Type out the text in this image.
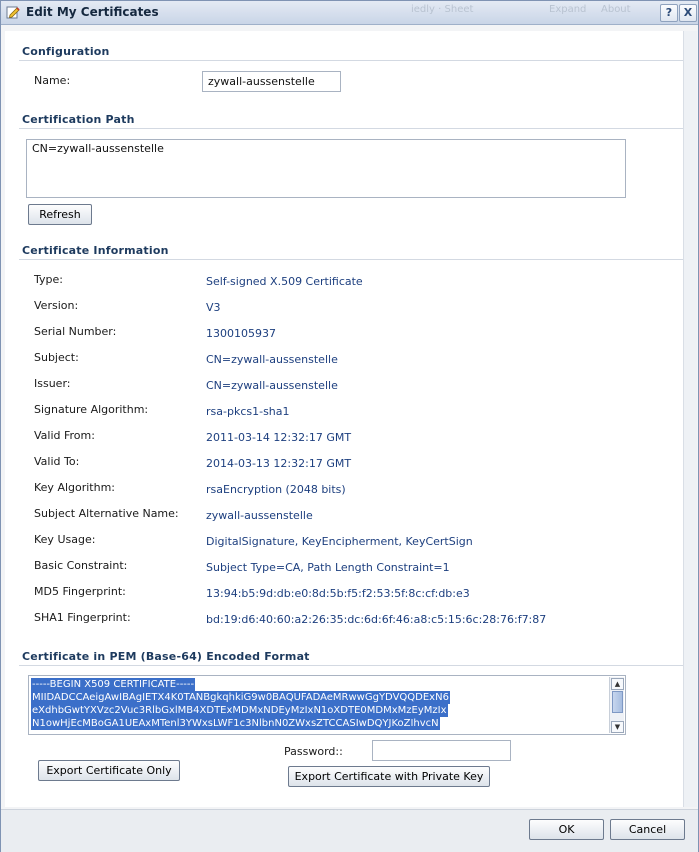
Edit My Certificates	iedly · Sheet	Expand About	?	X
Configuration
Name:
zywall-aussenstelle
Certification Path
CN=zywall-aussenstelle
Refresh
Certificate Information
Type:	Self-signed X.509 Certificate
Version:	V3
Serial Number:	1300105937
Subject:	CN=zywall-aussenstelle
Issuer:	CN=zywall-aussenstelle
Signature Algorithm:	rsa-pkcs1-sha1
Valid From:	2011-03-14 12:32:17 GMT
Valid To:	2014-03-13 12:32:17 GMT
Key Algorithm:	rsaEncryption (2048 bits)
Subject Alternative Name: zywall-aussenstelle
Key Usage:	DigitalSignature, KeyEncipherment, KeyCertSign
Basic Constraint:	Subject Type=CA, Path Length Constraint=1
MD5 Fingerprint:	13:94:b5:9d:db:e0:8d:5b:f5:f2:53:5f:8c:cf:db:e3
SHA1 Fingerprint:	bd:19:d6:40:60:a2:26:35:dc:6d:6f:46:a8:c5:15:6c:28:76:f7:87
Certificate in PEM (Base-64) Encoded Format
-----BEGIN X509 CERTIFICATE-----
MIIDADCCAeigAwIBAgIETX4K0TANBgkqhkiG9w0BAQUFADAeMRwwGgYDVQQDExN6
eXdhbGwtYXVzc2Vuc3RlbGxlMB4XDTExMDMxNDEyMzIxN1oXDTE0MDMxMzEyMzIx
N1owHjEcMBoGA1UEAxMTenl3YWxsLWF1c3NlbnN0ZWxsZTCCASIwDQYJKoZIhvcN
▲
▼
Password::
Export Certificate Only	Export Certificate with Private Key
OK	Cancel
